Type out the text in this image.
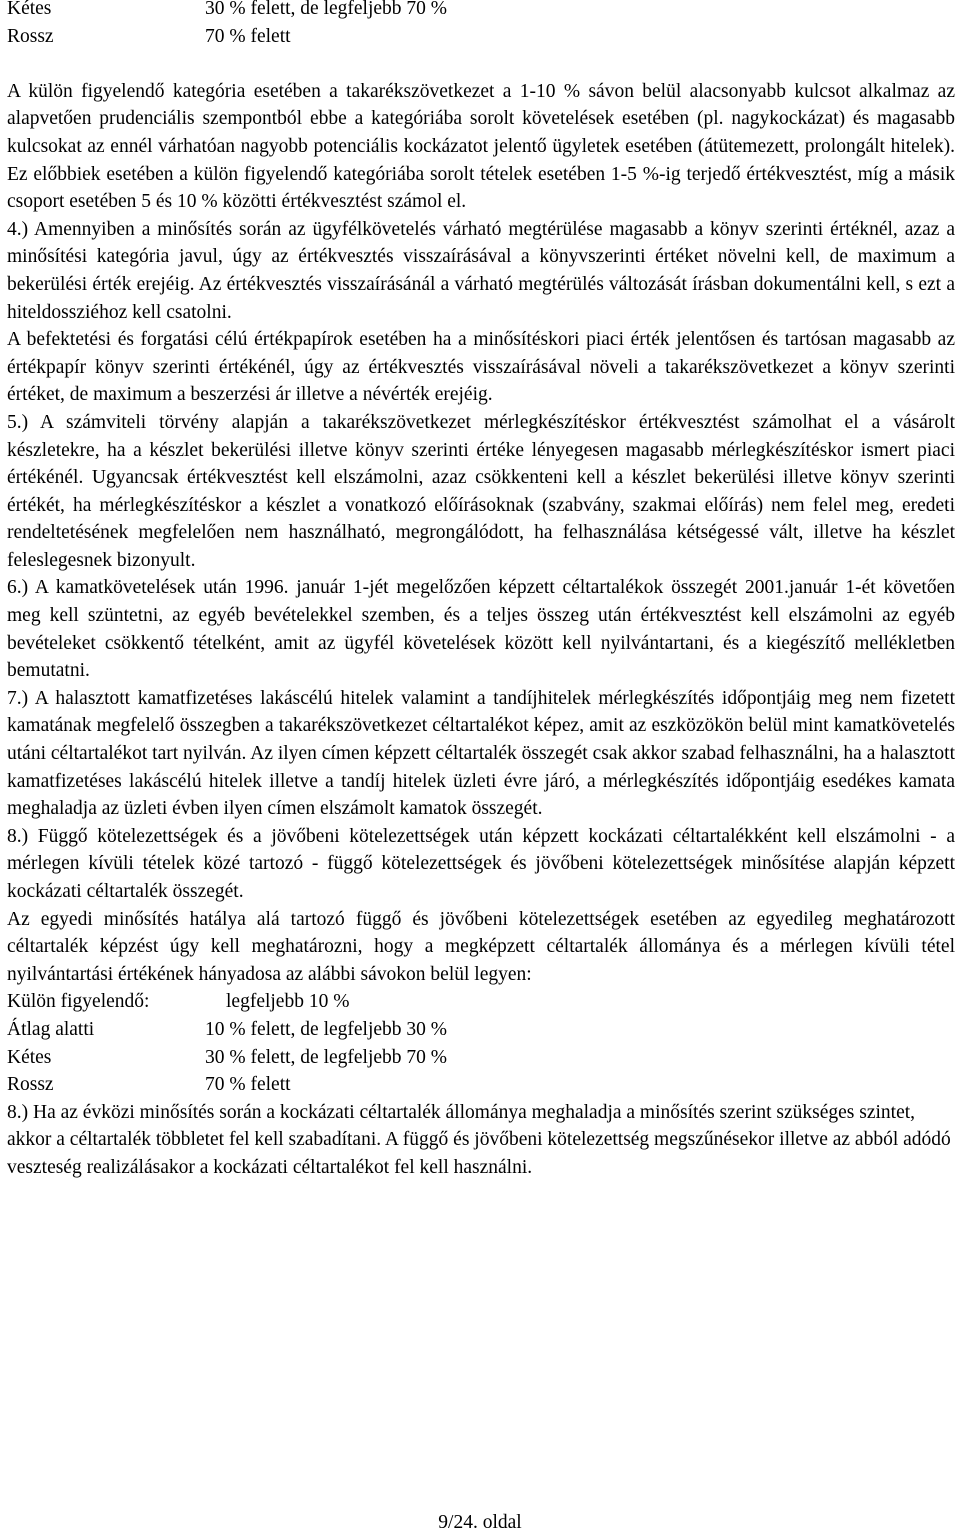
Kétes	30 % felett, de legfeljebb 70 %
Rossz	70 % felett

A külön figyelendő kategória esetében a takarékszövetkezet a 1-10 % sávon belül alacsonyabb kulcsot alkalmaz az alapvetően prudenciális szempontból ebbe a kategóriába sorolt követelések esetében (pl. nagykockázat) és magasabb kulcsokat az ennél várhatóan nagyobb potenciális kockázatot jelentő ügyletek esetében (átütemezett, prolongált hitelek). Ez előbbiek esetében a külön figyelendő kategóriába sorolt tételek esetében 1-5 %-ig terjedő értékvesztést, míg a másik csoport esetében 5 és 10 % közötti értékvesztést számol el.

4.) Amennyiben a minősítés során az ügyfélkövetelés várható megtérülése magasabb a könyv szerinti értéknél, azaz a minősítési kategória javul, úgy az értékvesztés visszaírásával a könyvszerinti értéket növelni kell, de maximum a bekerülési érték erejéig. Az értékvesztés visszaírásánál a várható megtérülés változását írásban dokumentálni kell, s ezt a hiteldossziéhoz kell csatolni.

A befektetési és forgatási célú értékpapírok esetében ha a minősítéskori piaci érték jelentősen és tartósan magasabb az értékpapír könyv szerinti értékénél, úgy az értékvesztés visszaírásával növeli a takarékszövetkezet a könyv szerinti értéket, de maximum a beszerzési ár illetve a névérték erejéig.

5.) A számviteli törvény alapján a takarékszövetkezet mérlegkészítéskor értékvesztést számolhat el a vásárolt készletekre, ha a készlet bekerülési illetve könyv szerinti értéke lényegesen magasabb mérlegkészítéskor ismert piaci értékénél. Ugyancsak értékvesztést kell elszámolni, azaz csökkenteni kell a készlet bekerülési illetve könyv szerinti értékét, ha mérlegkészítéskor a készlet a vonatkozó előírásoknak (szabvány, szakmai előírás) nem felel meg, eredeti rendeltetésének megfelelően nem használható, megrongálódott, ha felhasználása kétségessé vált, illetve ha készlet feleslegesnek bizonyult.

6.) A kamatkövetelések után 1996. január 1-jét megelőzően képzett céltartalékok összegét 2001.január 1-ét követően meg kell szüntetni, az egyéb bevételekkel szemben, és a teljes összeg után értékvesztést kell elszámolni az egyéb bevételeket csökkentő tételként, amit az ügyfél követelések között kell nyilvántartani, és a kiegészítő mellékletben bemutatni.

7.) A halasztott kamatfizetéses lakáscélú hitelek valamint a tandíjhitelek mérlegkészítés időpontjáig meg nem fizetett kamatának megfelelő összegben a takarékszövetkezet céltartalékot képez, amit az eszközökön belül mint kamatkövetelés utáni céltartalékot tart nyilván. Az ilyen címen képzett céltartalék összegét csak akkor szabad felhasználni, ha a halasztott kamatfizetéses lakáscélú hitelek illetve a tandíj hitelek üzleti évre járó, a mérlegkészítés időpontjáig esedékes kamata meghaladja az üzleti évben ilyen címen elszámolt kamatok összegét.

8.) Függő kötelezettségek és a jövőbeni kötelezettségek után képzett kockázati céltartalékként kell elszámolni - a mérlegen kívüli tételek közé tartozó - függő kötelezettségek és jövőbeni kötelezettségek minősítése alapján képzett kockázati céltartalék összegét.

Az egyedi minősítés hatálya alá tartozó függő és jövőbeni kötelezettségek esetében az egyedileg meghatározott céltartalék képzést úgy kell meghatározni, hogy a megképzett céltartalék állománya és a mérlegen kívüli tétel nyilvántartási értékének hányadosa az alábbi sávokon belül legyen:

Külön figyelendő:	legfeljebb 10 %
Átlag alatti	10 % felett, de legfeljebb 30 %
Kétes	30 % felett, de legfeljebb 70 %
Rossz	70 % felett

8.) Ha az évközi minősítés során a kockázati céltartalék állománya meghaladja a minősítés szerint szükséges szintet, akkor a céltartalék többletet fel kell szabadítani. A függő és jövőbeni kötelezettség megszűnésekor illetve az abból adódó veszteség realizálásakor a kockázati céltartalékot fel kell használni.

9/24. oldal
